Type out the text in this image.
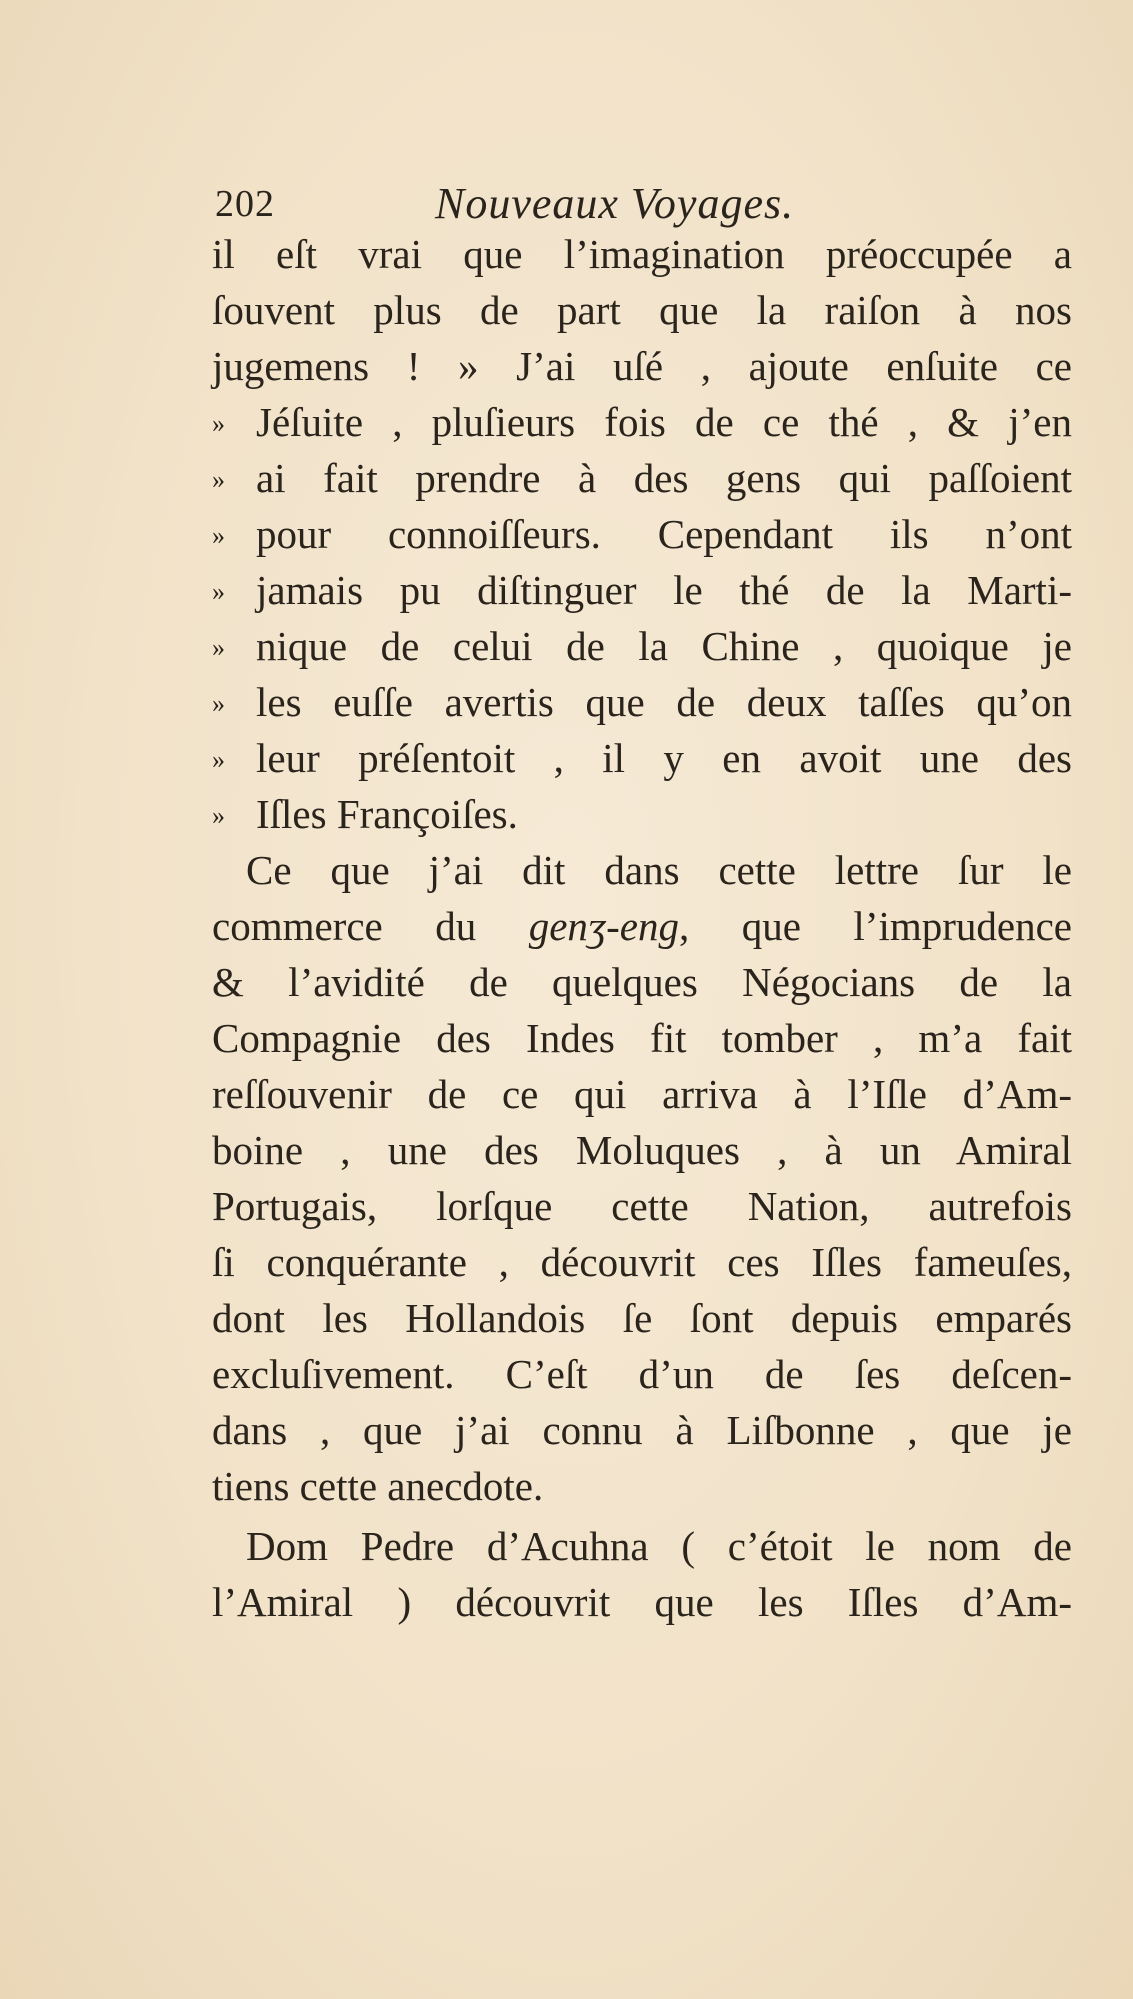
202	Nouveaux Voyages.
il eſt vrai que l’imagination préoccupée a
ſouvent plus de part que la raiſon à nos
jugemens ! » J’ai uſé , ajoute enſuite ce
» Jéſuite , pluſieurs fois de ce thé , & j’en
» ai fait prendre à des gens qui paſſoient
» pour connoiſſeurs. Cependant ils n’ont
» jamais pu diſtinguer le thé de la Marti-
» nique de celui de la Chine , quoique je
» les euſſe avertis que de deux taſſes qu’on
» leur préſentoit , il y en avoit une des
» Iſles Françoiſes.
Ce que j’ai dit dans cette lettre ſur le
commerce du genʒ-eng, que l’imprudence
& l’avidité de quelques Négocians de la
Compagnie des Indes fit tomber , m’a fait
reſſouvenir de ce qui arriva à l’Iſle d’Am-
boine , une des Moluques , à un Amiral
Portugais, lorſque cette Nation, autrefois
ſi conquérante , découvrit ces Iſles fameuſes,
dont les Hollandois ſe ſont depuis emparés
excluſivement. C’eſt d’un de ſes deſcen-
dans , que j’ai connu à Liſbonne , que je
tiens cette anecdote.
Dom Pedre d’Acuhna ( c’étoit le nom de
l’Amiral ) découvrit que les Iſles d’Am-
